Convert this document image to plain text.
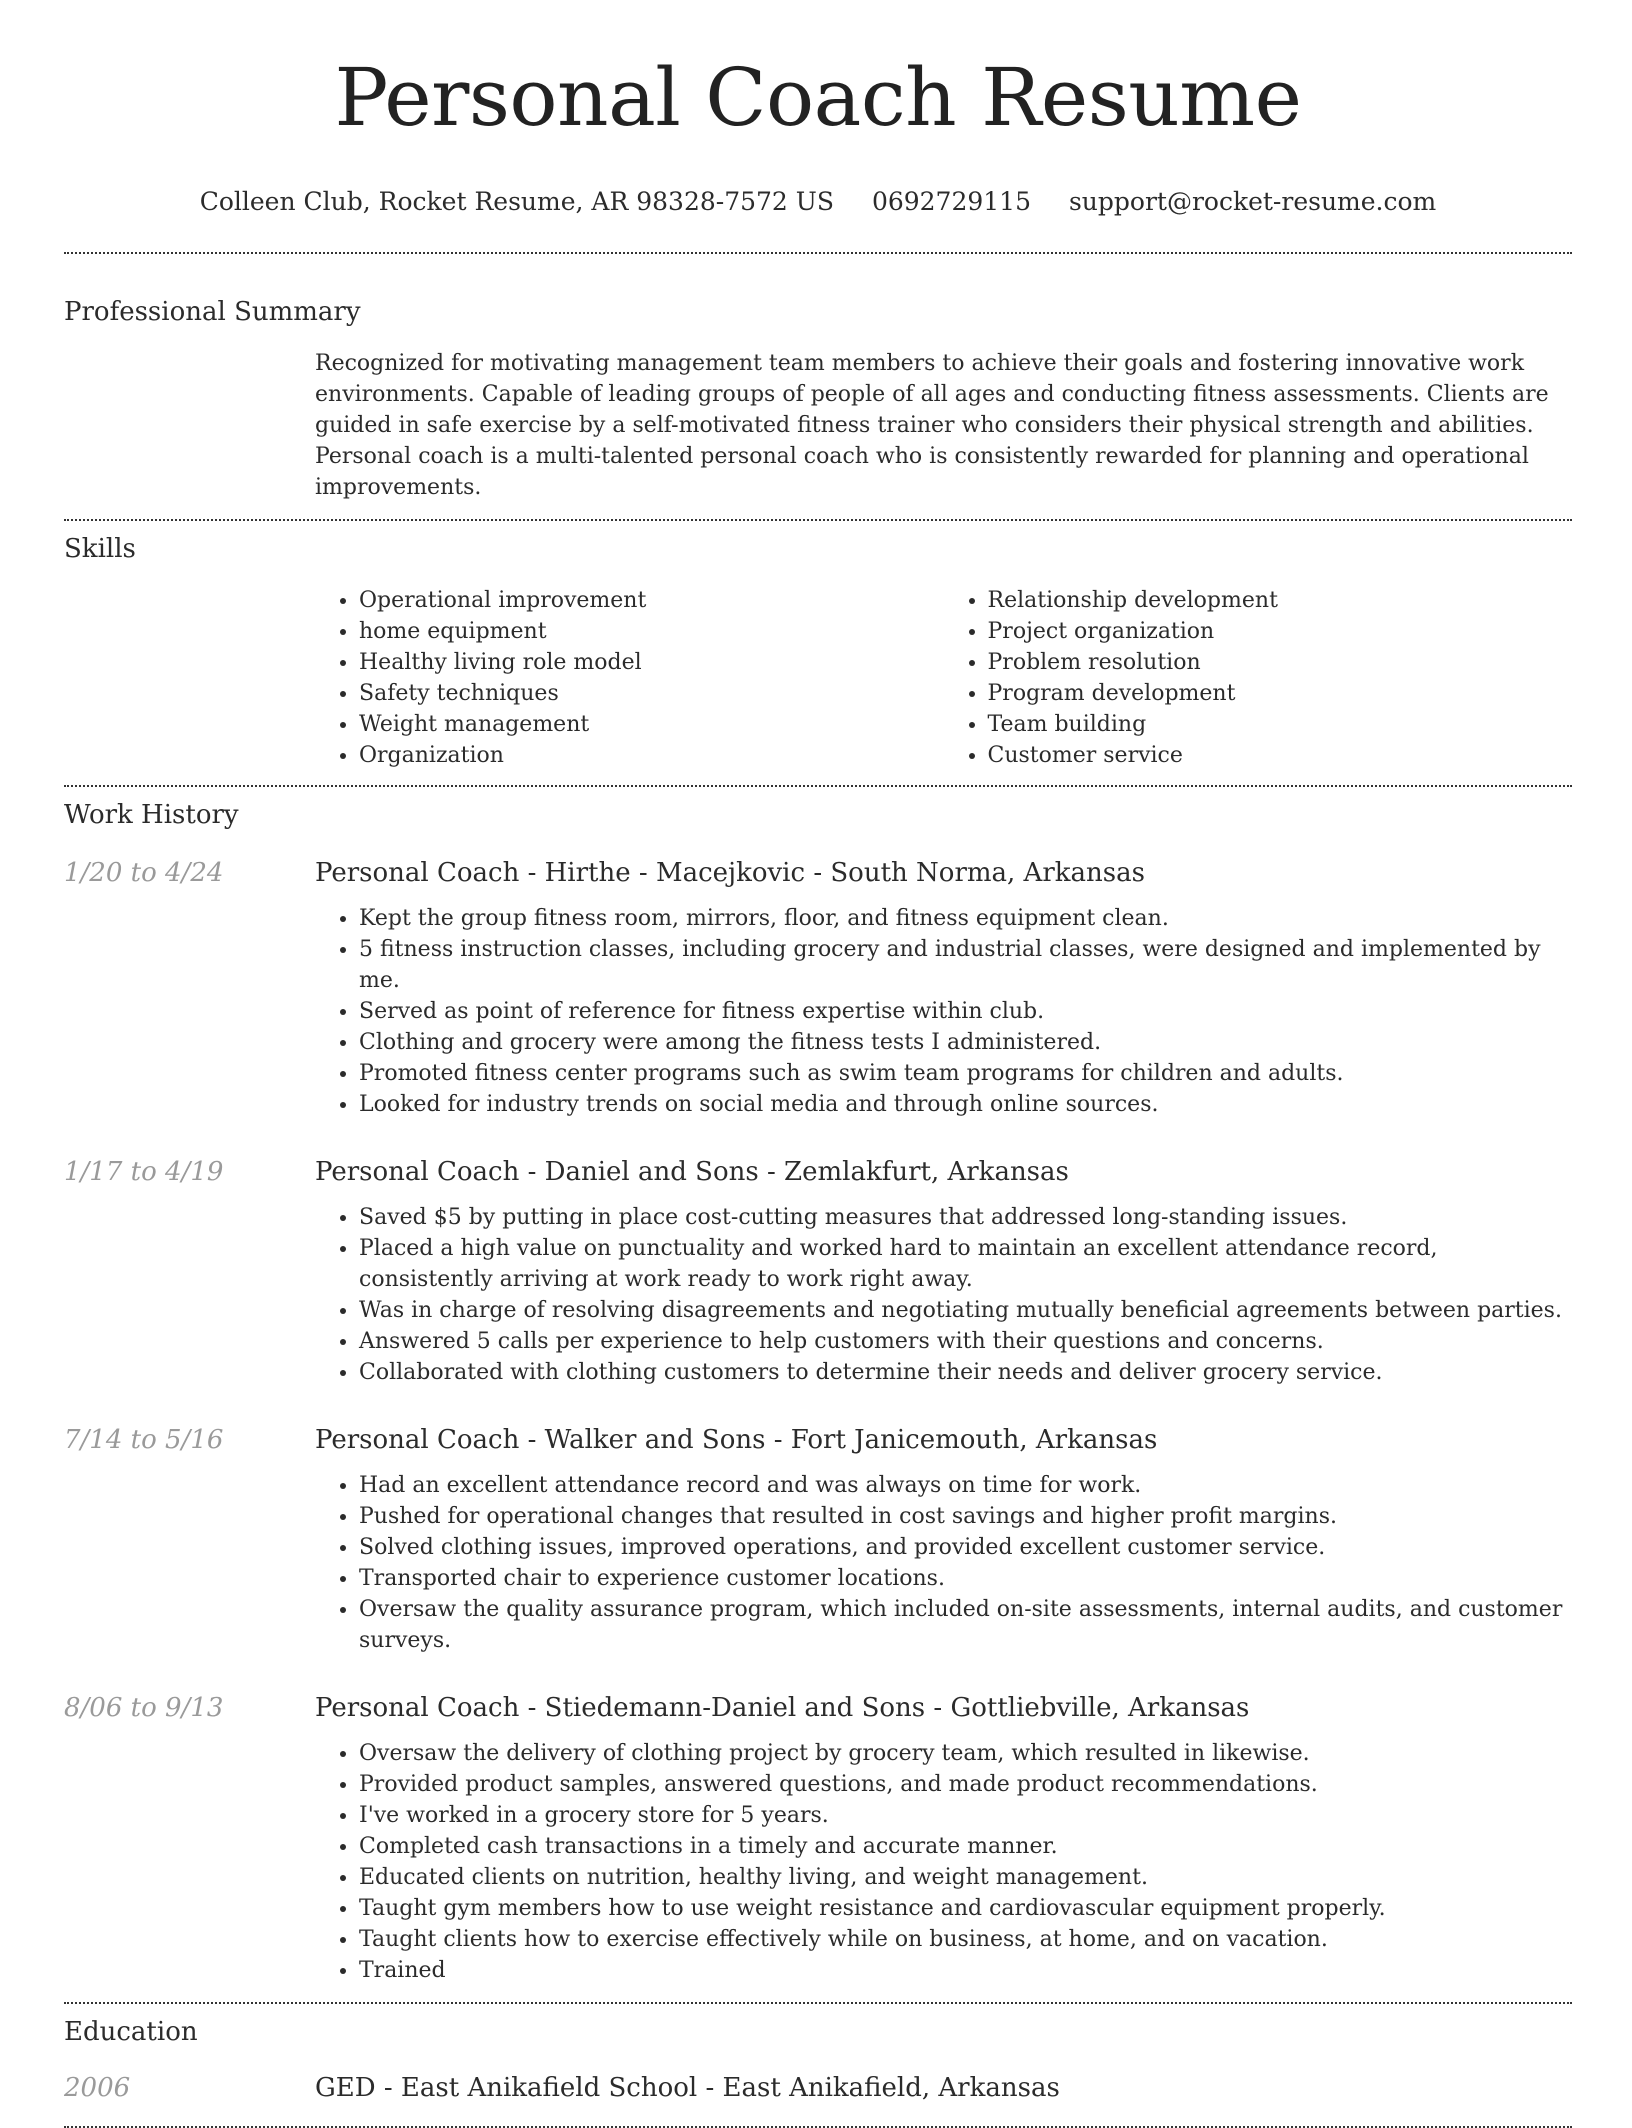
Personal Coach Resume
Colleen Club, Rocket Resume, AR 98328-7572 US 0692729115 support@rocket-resume.com
Professional Summary
Recognized for motivating management team members to achieve their goals and fostering innovative work environments. Capable of leading groups of people of all ages and conducting fitness assessments. Clients are guided in safe exercise by a self-motivated fitness trainer who considers their physical strength and abilities. Personal coach is a multi-talented personal coach who is consistently rewarded for planning and operational improvements.
Skills
• Operational improvement
• home equipment
• Healthy living role model
• Safety techniques
• Weight management
• Organization
• Relationship development
• Project organization
• Problem resolution
• Program development
• Team building
• Customer service
Work History
1/20 to 4/24	Personal Coach - Hirthe - Macejkovic - South Norma, Arkansas
• Kept the group fitness room, mirrors, floor, and fitness equipment clean.
• 5 fitness instruction classes, including grocery and industrial classes, were designed and implemented by me.
• Served as point of reference for fitness expertise within club.
• Clothing and grocery were among the fitness tests I administered.
• Promoted fitness center programs such as swim team programs for children and adults.
• Looked for industry trends on social media and through online sources.
1/17 to 4/19	Personal Coach - Daniel and Sons - Zemlakfurt, Arkansas
• Saved $5 by putting in place cost-cutting measures that addressed long-standing issues.
• Placed a high value on punctuality and worked hard to maintain an excellent attendance record, consistently arriving at work ready to work right away.
• Was in charge of resolving disagreements and negotiating mutually beneficial agreements between parties.
• Answered 5 calls per experience to help customers with their questions and concerns.
• Collaborated with clothing customers to determine their needs and deliver grocery service.
7/14 to 5/16	Personal Coach - Walker and Sons - Fort Janicemouth, Arkansas
• Had an excellent attendance record and was always on time for work.
• Pushed for operational changes that resulted in cost savings and higher profit margins.
• Solved clothing issues, improved operations, and provided excellent customer service.
• Transported chair to experience customer locations.
• Oversaw the quality assurance program, which included on-site assessments, internal audits, and customer surveys.
8/06 to 9/13	Personal Coach - Stiedemann-Daniel and Sons - Gottliebville, Arkansas
• Oversaw the delivery of clothing project by grocery team, which resulted in likewise.
• Provided product samples, answered questions, and made product recommendations.
• I've worked in a grocery store for 5 years.
• Completed cash transactions in a timely and accurate manner.
• Educated clients on nutrition, healthy living, and weight management.
• Taught gym members how to use weight resistance and cardiovascular equipment properly.
• Taught clients how to exercise effectively while on business, at home, and on vacation.
• Trained
Education
2006	GED - East Anikafield School - East Anikafield, Arkansas
